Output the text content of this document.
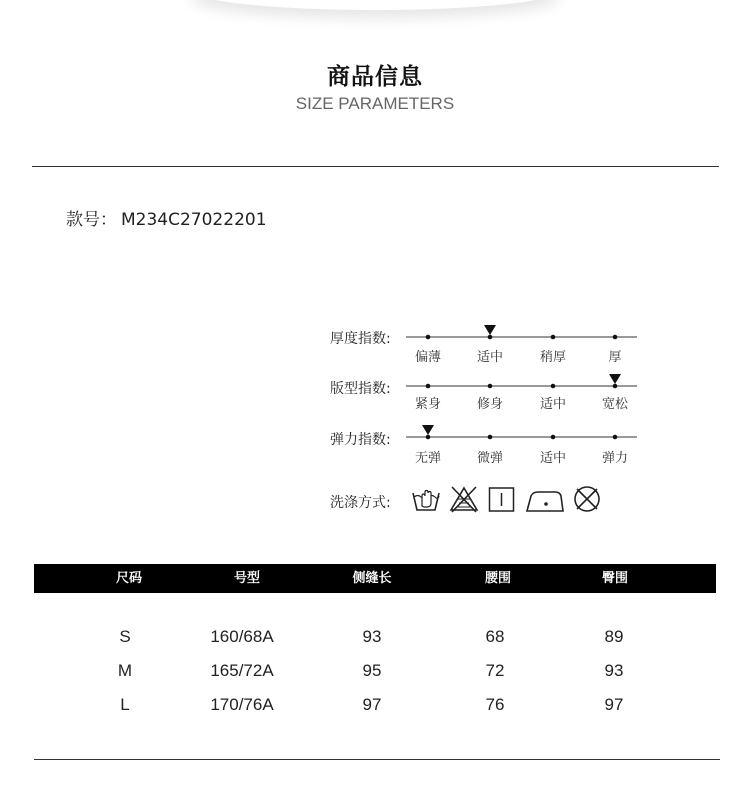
商品信息
SIZE PARAMETERS
款号： M234C27022201
厚度指数:
偏薄	适中	稍厚	厚
版型指数:
紧身	修身	适中	宽松
弹力指数:
无弹	微弹	适中	弹力
洗涤方式:
尺码	号型	侧缝长	腰围	臀围
S	160/68A	93	68	89
M	165/72A	95	72	93
L	170/76A	97	76	97
